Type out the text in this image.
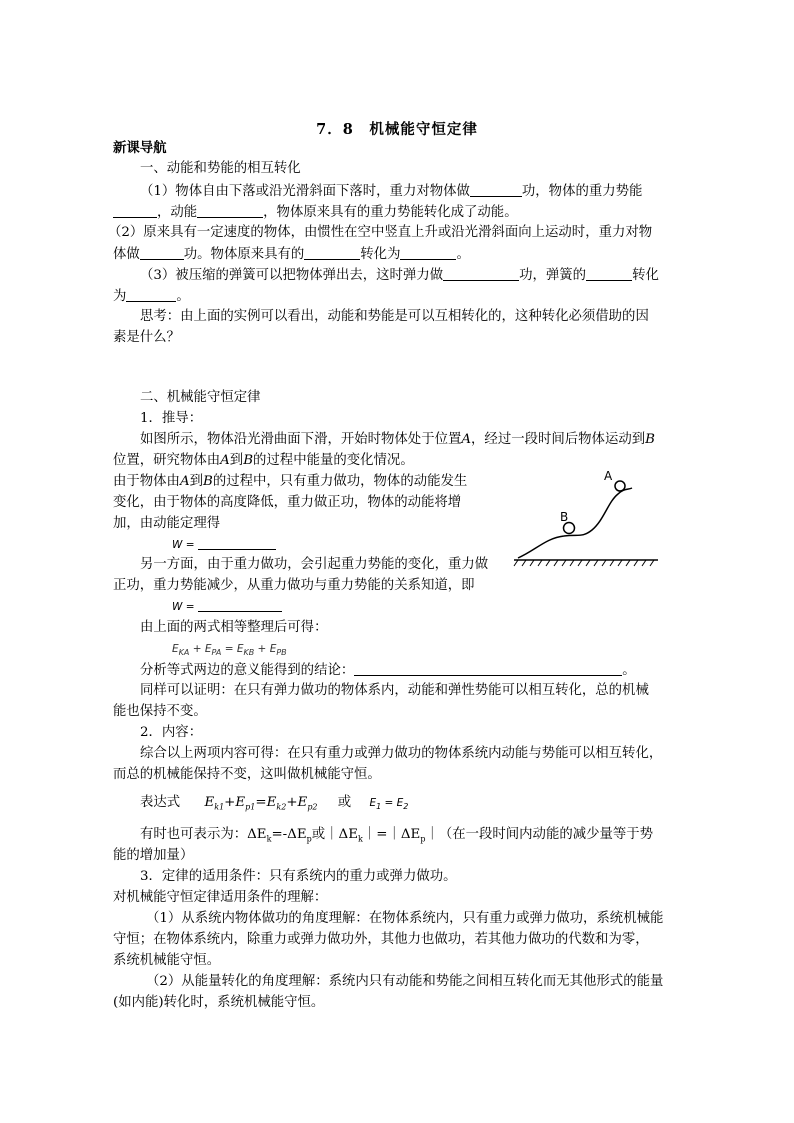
7．8　机械能守恒定律
新课导航
一、动能和势能的相互转化
（1）物体自由下落或沿光滑斜面下落时，重力对物体做	功，物体的重力势能
，动能	，物体原来具有的重力势能转化成了动能。
（2）原来具有一定速度的物体，由惯性在空中竖直上升或沿光滑斜面向上运动时，重力对物
体做	功。物体原来具有的	转化为	。
（3）被压缩的弹簧可以把物体弹出去，这时弹力做	功，弹簧的	转化
为	。
思考：由上面的实例可以看出，动能和势能是可以互相转化的，这种转化必须借助的因
素是什么？
二、机械能守恒定律
1．推导：
如图所示，物体沿光滑曲面下滑，开始时物体处于位置A，经过一段时间后物体运动到B
位置，研究物体由A到B的过程中能量的变化情况。
由于物体由A到B的过程中，只有重力做功，物体的动能发生
变化，由于物体的高度降低，重力做正功，物体的动能将增
加，由动能定理得
W =
另一方面，由于重力做功，会引起重力势能的变化，重力做
正功，重力势能减少，从重力做功与重力势能的关系知道，即
W =
由上面的两式相等整理后可得：
$E_{KA} + E_{PA} = E_{KB} + E_{PB}$
分析等式两边的意义能得到的结论：	。
同样可以证明：在只有弹力做功的物体系内，动能和弹性势能可以相互转化，总的机械
能也保持不变。
2．内容：
综合以上两项内容可得：在只有重力或弹力做功的物体系统内动能与势能可以相互转化，
而总的机械能保持不变，这叫做机械能守恒。
表达式 $E_{k1}+E_{p1}=E_{k2}+E_{p2}$ 或 $E_1 = E_2$
有时也可表示为：$\Delta E_k=-\Delta E_p$或$|\Delta E_k|=|\Delta E_p|$（在一段时间内动能的减少量等于势
能的增加量）
3．定律的适用条件：只有系统内的重力或弹力做功。
对机械能守恒定律适用条件的理解：
（1）从系统内物体做功的角度理解：在物体系统内，只有重力或弹力做功，系统机械能
守恒；在物体系统内，除重力或弹力做功外，其他力也做功，若其他力做功的代数和为零，
系统机械能守恒。
（2）从能量转化的角度理解：系统内只有动能和势能之间相互转化而无其他形式的能量
(如内能)转化时，系统机械能守恒。
A
B
